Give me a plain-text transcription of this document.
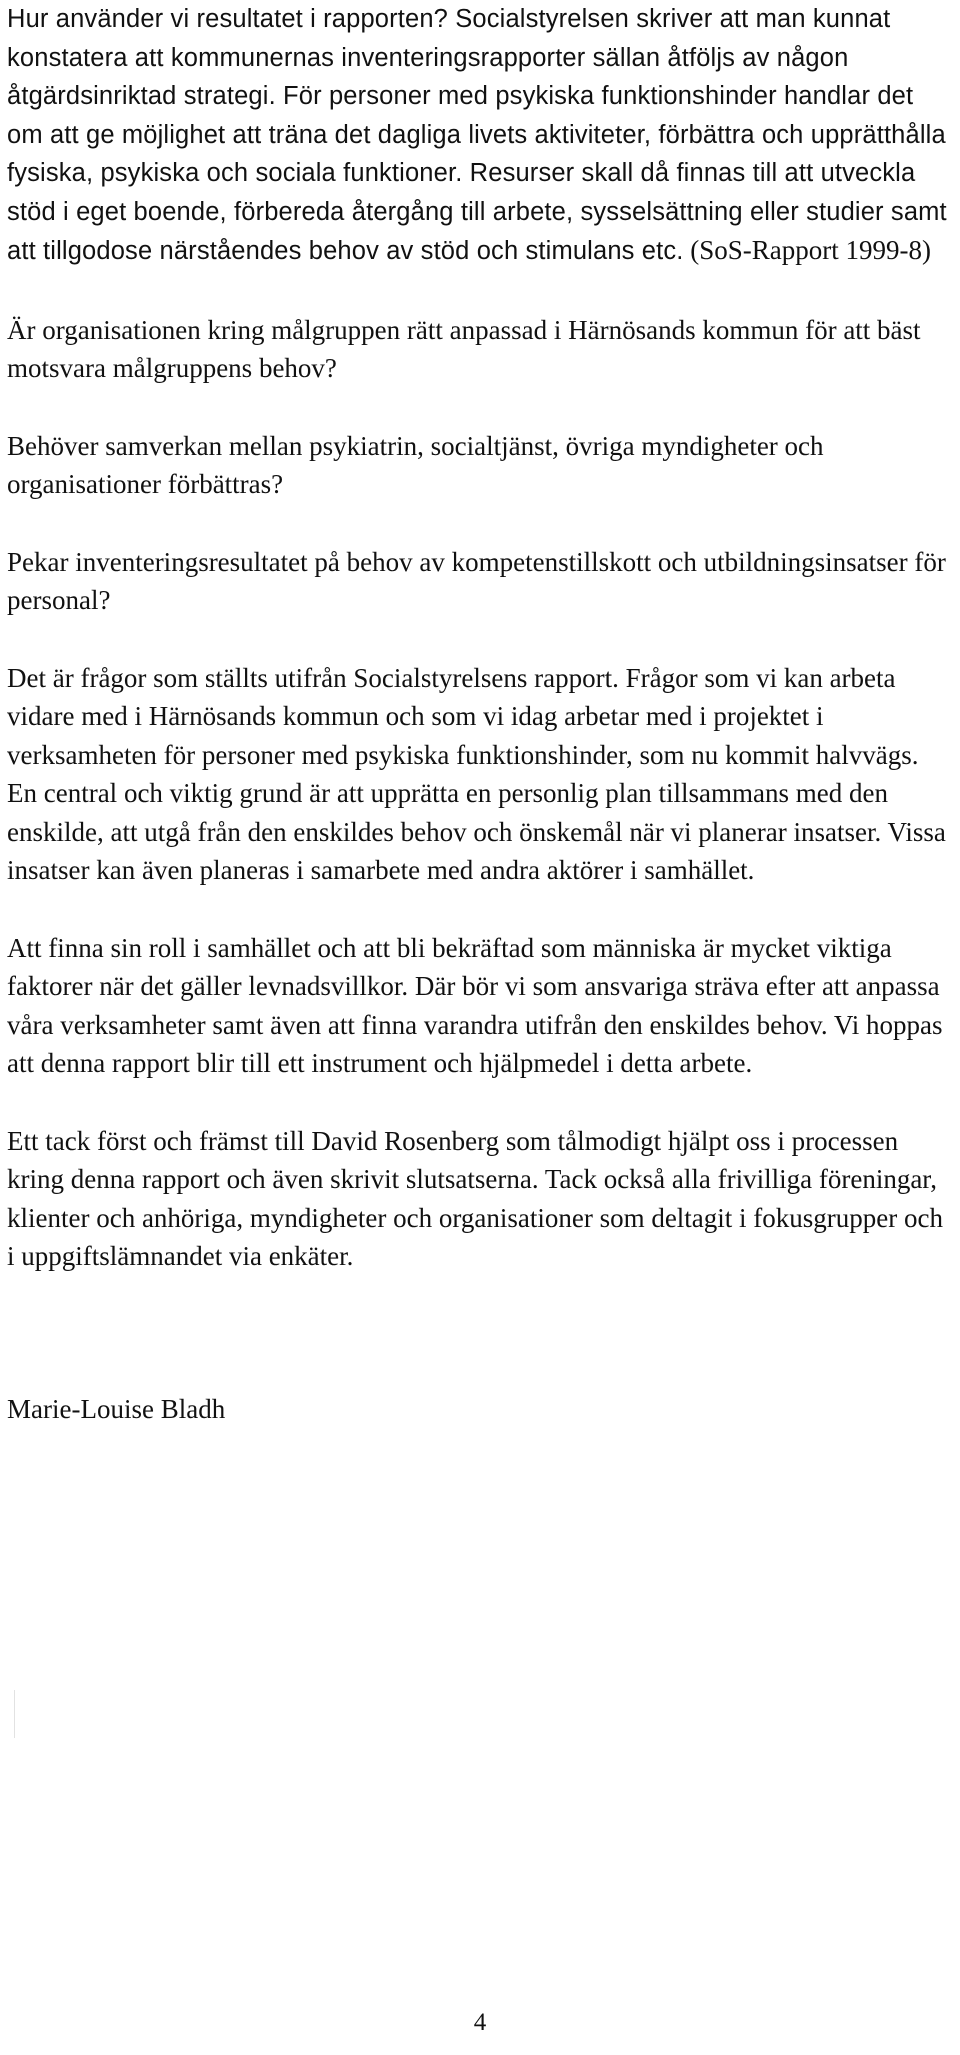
Hur använder vi resultatet i rapporten? Socialstyrelsen skriver att man kunnat konstatera att kommunernas inventeringsrapporter sällan åtföljs av någon åtgärdsinriktad strategi. För personer med psykiska funktionshinder handlar det om att ge möjlighet att träna det dagliga livets aktiviteter, förbättra och upprätthålla fysiska, psykiska och sociala funktioner. Resurser skall då finnas till att utveckla stöd i eget boende, förbereda återgång till arbete, sysselsättning eller studier samt att tillgodose närståendes behov av stöd och stimulans etc. (SoS-Rapport 1999-8)

Är organisationen kring målgruppen rätt anpassad i Härnösands kommun för att bäst motsvara målgruppens behov?

Behöver samverkan mellan psykiatrin, socialtjänst, övriga myndigheter och organisationer förbättras?

Pekar inventeringsresultatet på behov av kompetenstillskott och utbildningsinsatser för personal?

Det är frågor som ställts utifrån Socialstyrelsens rapport. Frågor som vi kan arbeta vidare med i Härnösands kommun och som vi idag arbetar med i projektet i verksamheten för personer med psykiska funktionshinder, som nu kommit halvvägs. En central och viktig grund är att upprätta en personlig plan tillsammans med den enskilde, att utgå från den enskildes behov och önskemål när vi planerar insatser. Vissa insatser kan även planeras i samarbete med andra aktörer i samhället.

Att finna sin roll i samhället och att bli bekräftad som människa är mycket viktiga faktorer när det gäller levnadsvillkor. Där bör vi som ansvariga sträva efter att anpassa våra verksamheter samt även att finna varandra utifrån den enskildes behov. Vi hoppas att denna rapport blir till ett instrument och hjälpmedel i detta arbete.

Ett tack först och främst till David Rosenberg som tålmodigt hjälpt oss i processen kring denna rapport och även skrivit slutsatserna. Tack också alla frivilliga föreningar, klienter och anhöriga, myndigheter och organisationer som deltagit i fokusgrupper och i uppgiftslämnandet via enkäter.

Marie-Louise Bladh

4
